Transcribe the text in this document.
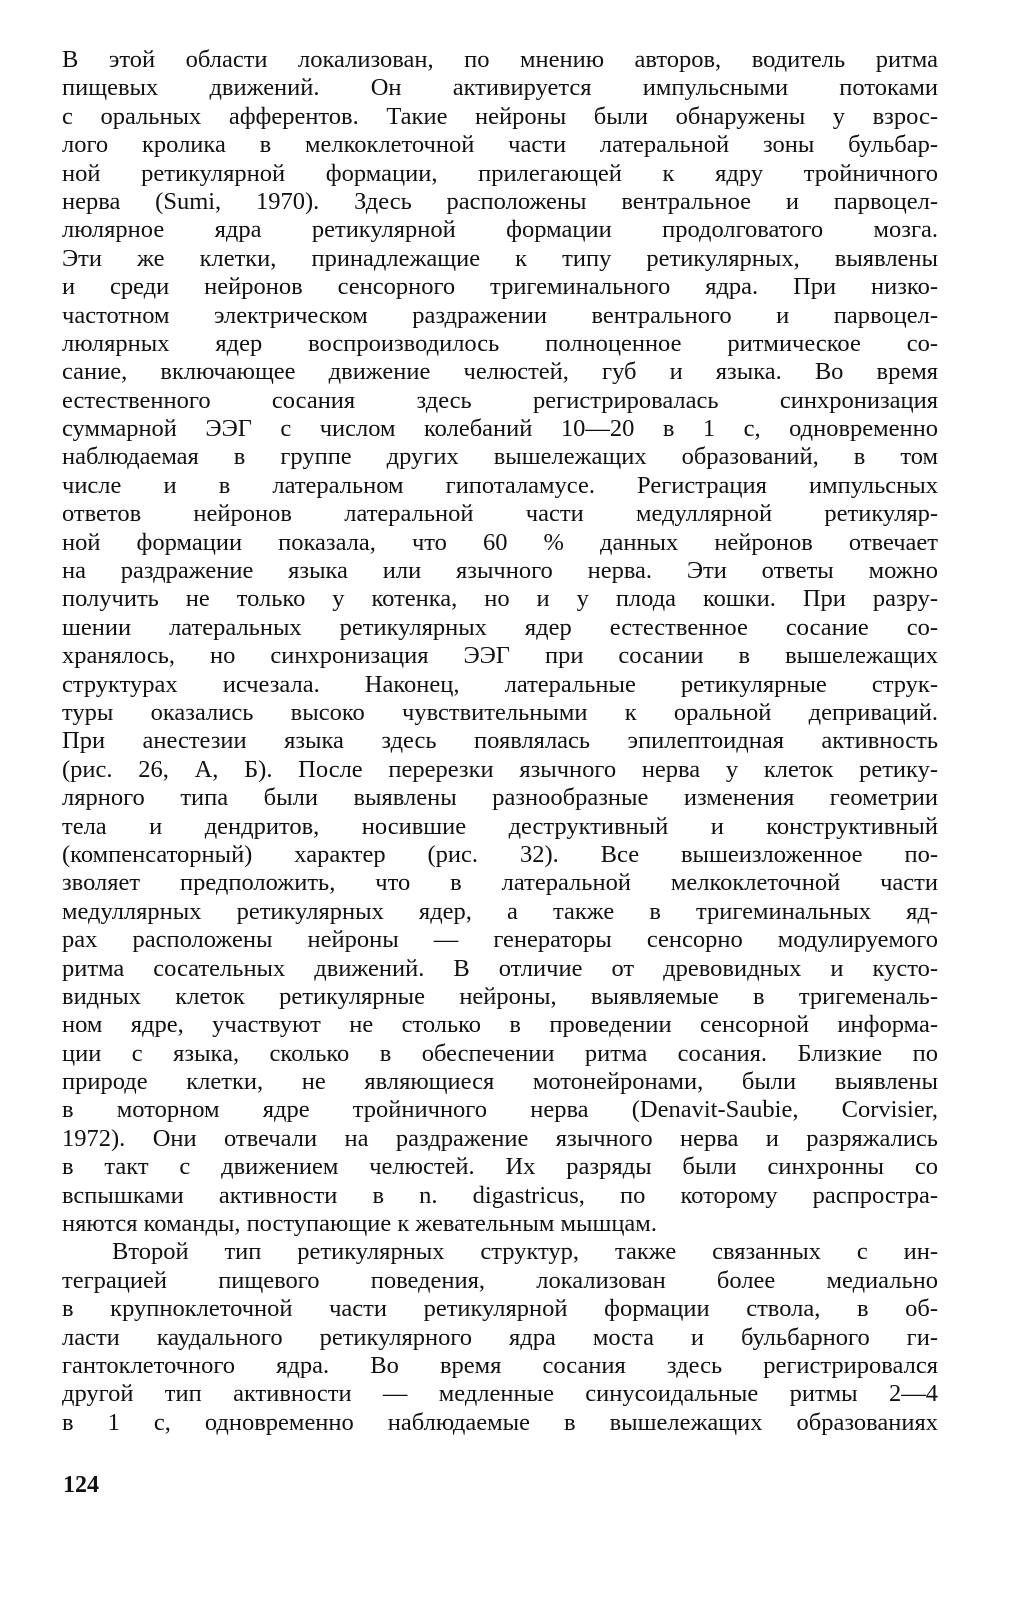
В этой области локализован, по мнению авторов, водитель ритма
пищевых движений. Он активируется импульсными потоками
с оральных афферентов. Такие нейроны были обнаружены у взрос-
лого кролика в мелкоклеточной части латеральной зоны бульбар-
ной ретикулярной формации, прилегающей к ядру тройничного
нерва (Sumi, 1970). Здесь расположены вентральное и парвоцел-
люлярное ядра ретикулярной формации продолговатого мозга.
Эти же клетки, принадлежащие к типу ретикулярных, выявлены
и среди нейронов сенсорного тригеминального ядра. При низко-
частотном электрическом раздражении вентрального и парвоцел-
люлярных ядер воспроизводилось полноценное ритмическое со-
сание, включающее движение челюстей, губ и языка. Во время
естественного сосания здесь регистрировалась синхронизация
суммарной ЭЭГ с числом колебаний 10—20 в 1 с, одновременно
наблюдаемая в группе других вышележащих образований, в том
числе и в латеральном гипоталамусе. Регистрация импульсных
ответов нейронов латеральной части медуллярной ретикуляр-
ной формации показала, что 60 % данных нейронов отвечает
на раздражение языка или язычного нерва. Эти ответы можно
получить не только у котенка, но и у плода кошки. При разру-
шении латеральных ретикулярных ядер естественное сосание со-
хранялось, но синхронизация ЭЭГ при сосании в вышележащих
структурах исчезала. Наконец, латеральные ретикулярные струк-
туры оказались высоко чувствительными к оральной деприваций.
При анестезии языка здесь появлялась эпилептоидная активность
(рис. 26, А, Б). После перерезки язычного нерва у клеток ретику-
лярного типа были выявлены разнообразные изменения геометрии
тела и дендритов, носившие деструктивный и конструктивный
(компенсаторный) характер (рис. 32). Все вышеизложенное по-
зволяет предположить, что в латеральной мелкоклеточной части
медуллярных ретикулярных ядер, а также в тригеминальных яд-
рах расположены нейроны — генераторы сенсорно модулируемого
ритма сосательных движений. В отличие от древовидных и кусто-
видных клеток ретикулярные нейроны, выявляемые в тригеменаль-
ном ядре, участвуют не столько в проведении сенсорной информа-
ции с языка, сколько в обеспечении ритма сосания. Близкие по
природе клетки, не являющиеся мотонейронами, были выявлены
в моторном ядре тройничного нерва (Denavit-Saubie, Corvisier,
1972). Они отвечали на раздражение язычного нерва и разряжались
в такт с движением челюстей. Их разряды были синхронны со
вспышками активности в n. digastricus, по которому распростра-
няются команды, поступающие к жевательным мышцам.
Второй тип ретикулярных структур, также связанных с ин-
теграцией пищевого поведения, локализован более медиально
в крупноклеточной части ретикулярной формации ствола, в об-
ласти каудального ретикулярного ядра моста и бульбарного ги-
гантоклеточного ядра. Во время сосания здесь регистрировался
другой тип активности — медленные синусоидальные ритмы 2—4
в 1 с, одновременно наблюдаемые в вышележащих образованиях
124
